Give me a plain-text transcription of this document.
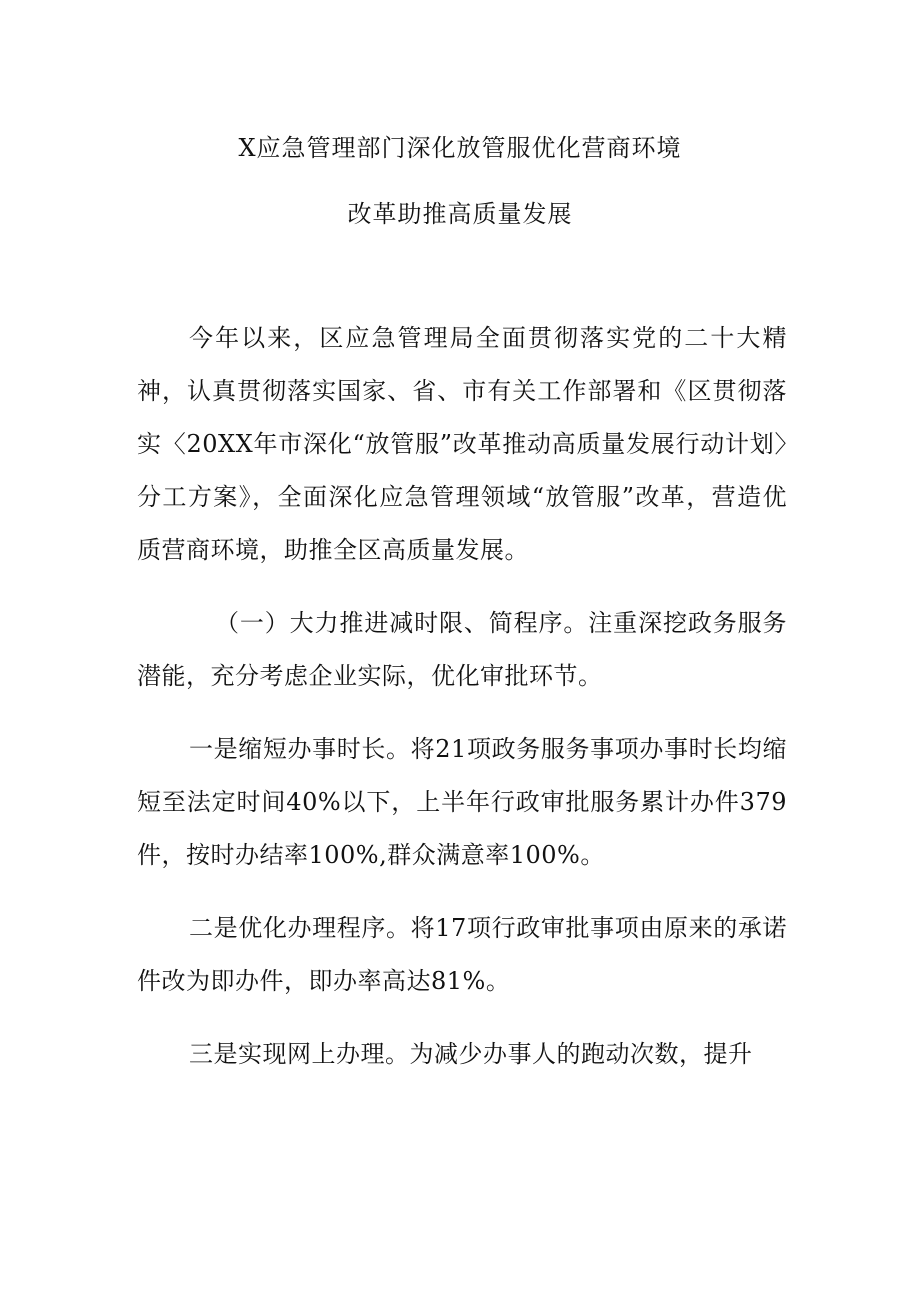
X应急管理部门深化放管服优化营商环境
改革助推高质量发展

今年以来，区应急管理局全面贯彻落实党的二十大精神，认真贯彻落实国家、省、市有关工作部署和《区贯彻落实〈20XX年市深化“放管服”改革推动高质量发展行动计划〉分工方案》，全面深化应急管理领域“放管服”改革，营造优质营商环境，助推全区高质量发展。

（一）大力推进减时限、简程序。注重深挖政务服务潜能，充分考虑企业实际，优化审批环节。

一是缩短办事时长。将21项政务服务事项办事时长均缩短至法定时间40%以下，上半年行政审批服务累计办件379件，按时办结率100%,群众满意率100%。

二是优化办理程序。将17项行政审批事项由原来的承诺件改为即办件，即办率高达81%。

三是实现网上办理。为减少办事人的跑动次数，提升
